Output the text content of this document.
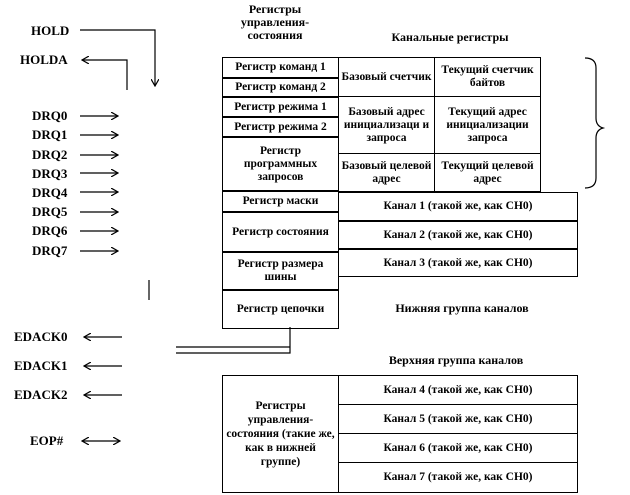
HOLD
HOLDA
DRQ0
DRQ1
DRQ2
DRQ3
DRQ4
DRQ5
DRQ6
DRQ7
EDACK0
EDACK1
EDACK2
EOP#
Регистры управления-состояния	Канальные регистры
Нижняя группа каналов
Верхняя группа каналов
Регистр команд 1
Регистр команд 2
Регистр режима 1
Регистр режима 2
Регистр программных запросов
Регистр маски
Регистр состояния
Регистр размера шины
Регистр цепочки
Базовый счетчик
Текущий счетчик байтов
Базовый адрес инициализаци и запроса
Текущий адрес инициализации запроса
Базовый целевой адрес
Текущий целевой адрес
Канал 1 (такой же, как CH0)
Канал 2 (такой же, как CH0)
Канал 3 (такой же, как CH0)
Регистры управления-состояния (такие же, как в нижней группе)
Канал 4 (такой же, как CH0)
Канал 5 (такой же, как CH0)
Канал 6 (такой же, как CH0)
Канал 7 (такой же, как CH0)
